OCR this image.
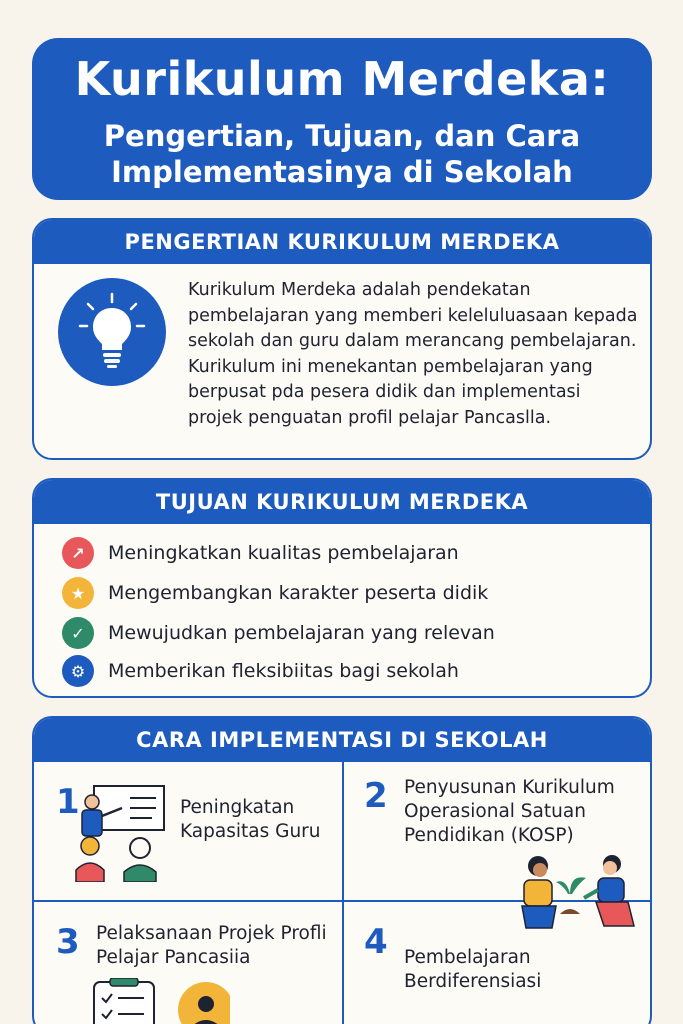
Kurikulum Merdeka:
Pengertian, Tujuan, dan Cara Implementasinya di Sekolah
PENGERTIAN KURIKULUM MERDEKA
Kurikulum Merdeka adalah pendekatan pembelajaran yang memberi keleluluasaan kepada sekolah dan guru dalam merancang pembelajaran. Kurikulum ini menekantan pembelajaran yang berpusat pda pesera didik dan implementasi projek penguatan profil pelajar Pancaslla.
TUJUAN KURIKULUM MERDEKA
↗	Meningkatkan kualitas pembelajaran
★	Mengembangkan karakter peserta didik
✓	Mewujudkan pembelajaran yang relevan
⚙	Memberikan fleksibiitas bagi sekolah
CARA IMPLEMENTASI DI SEKOLAH
1	Peningkatan Kapasitas Guru
2 Penyusunan Kurikulum Operasional Satuan Pendidikan (KOSP)
3 Pelaksanaan Projek Profli Pelajar Pancasiia	4 Pembelajaran Berdiferensiasi
